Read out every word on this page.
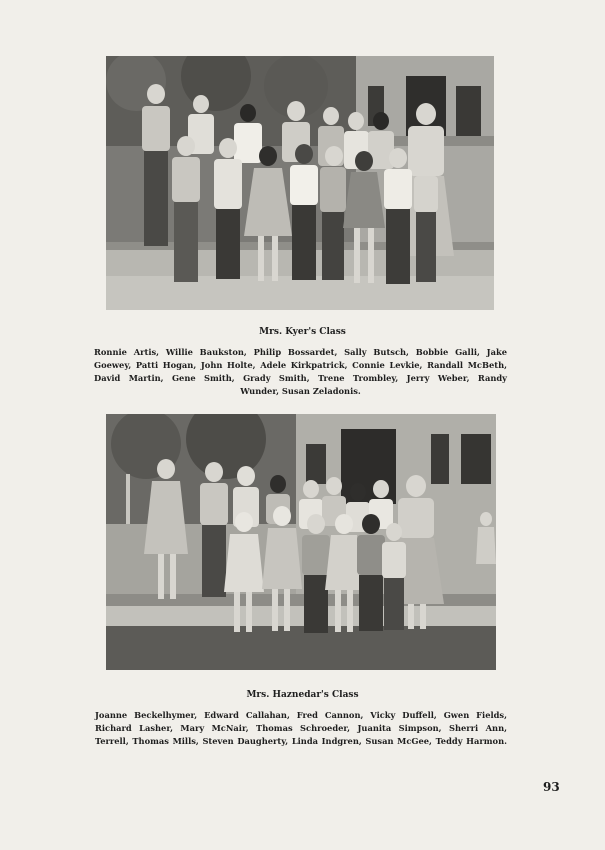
Mrs. Kyer's Class
Ronnie Artis, Willie Baukston, Philip Bossardet, Sally Butsch, Bobbie Galli, Jake
Goewey, Patti Hogan, John Holte, Adele Kirkpatrick, Connie Levkie, Randall McBeth,
David Martin, Gene Smith, Grady Smith, Trene Trombley, Jerry Weber, Randy
Wunder, Susan Zeladonis.
Mrs. Haznedar's Class
Joanne Beckelhymer, Edward Callahan, Fred Cannon, Vicky Duffell, Gwen Fields,
Richard Lasher, Mary McNair, Thomas Schroeder, Juanita Simpson, Sherri Ann,
Terrell, Thomas Mills, Steven Daugherty, Linda Indgren, Susan McGee, Teddy Harmon.
93
